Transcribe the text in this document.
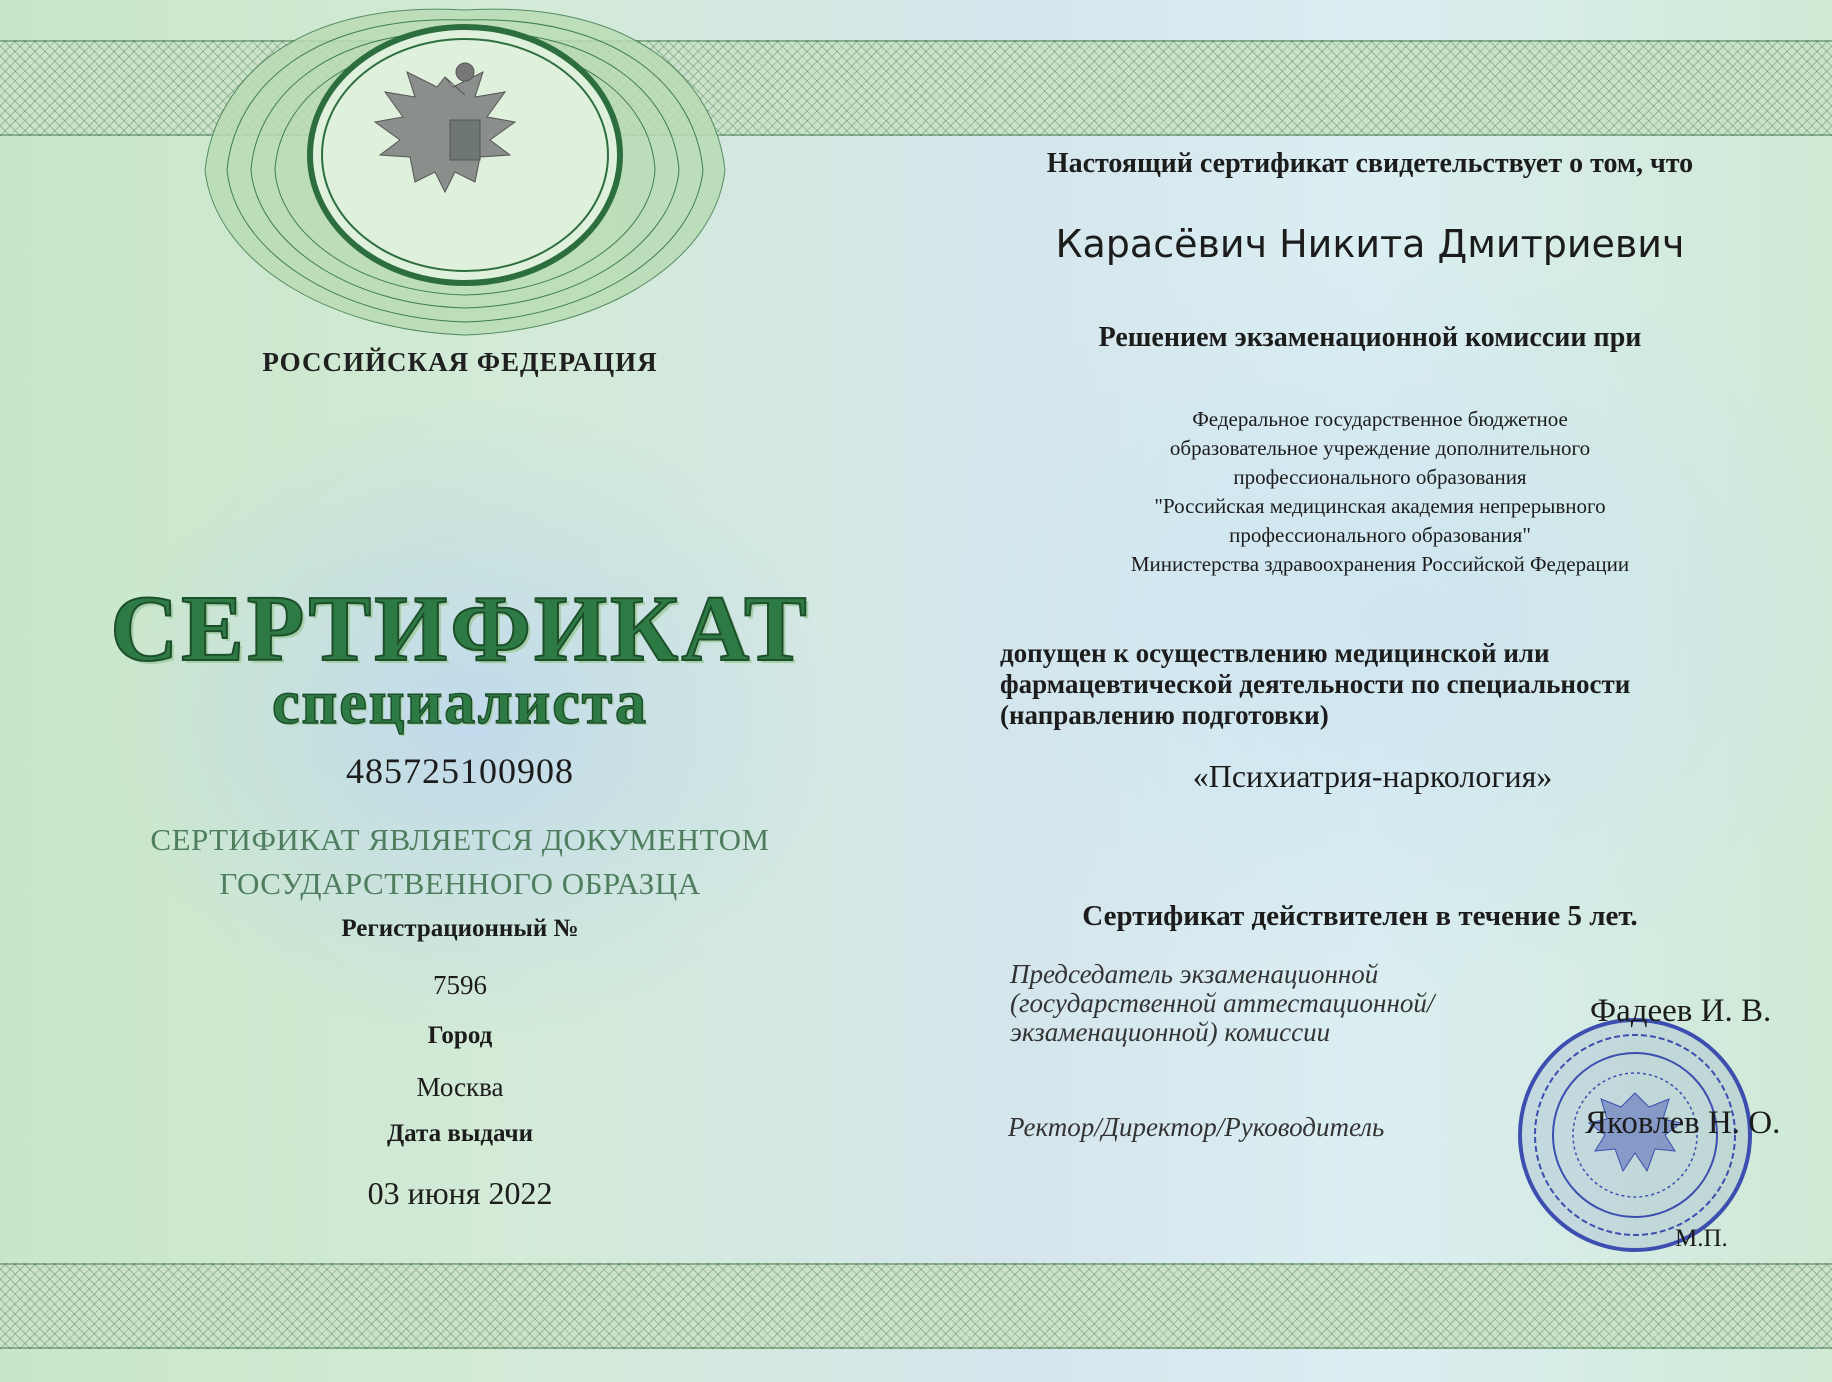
РОССИЙСКАЯ ФЕДЕРАЦИЯ
СЕРТИФИКАТ
специалиста
485725100908
СЕРТИФИКАТ ЯВЛЯЕТСЯ ДОКУМЕНТОМ
ГОСУДАРСТВЕННОГО ОБРАЗЦА
Регистрационный №
7596
Город
Москва
Дата выдачи
03 июня 2022
Настоящий сертификат свидетельствует о том, что
Карасёвич Никита Дмитриевич
Решением экзаменационной комиссии при
Федеральное государственное бюджетное
образовательное учреждение дополнительного
профессионального образования
"Российская медицинская академия непрерывного
профессионального образования"
Министерства здравоохранения Российской Федерации
допущен к осуществлению медицинской или
фармацевтической деятельности по специальности
(направлению подготовки)
«Психиатрия-наркология»
Сертификат действителен в течение 5 лет.
Председатель экзаменационной
(государственной аттестационной/
экзаменационной) комиссии
Фадеев И. В.
Ректор/Директор/Руководитель	Яковлев Н. О.
М.П.
